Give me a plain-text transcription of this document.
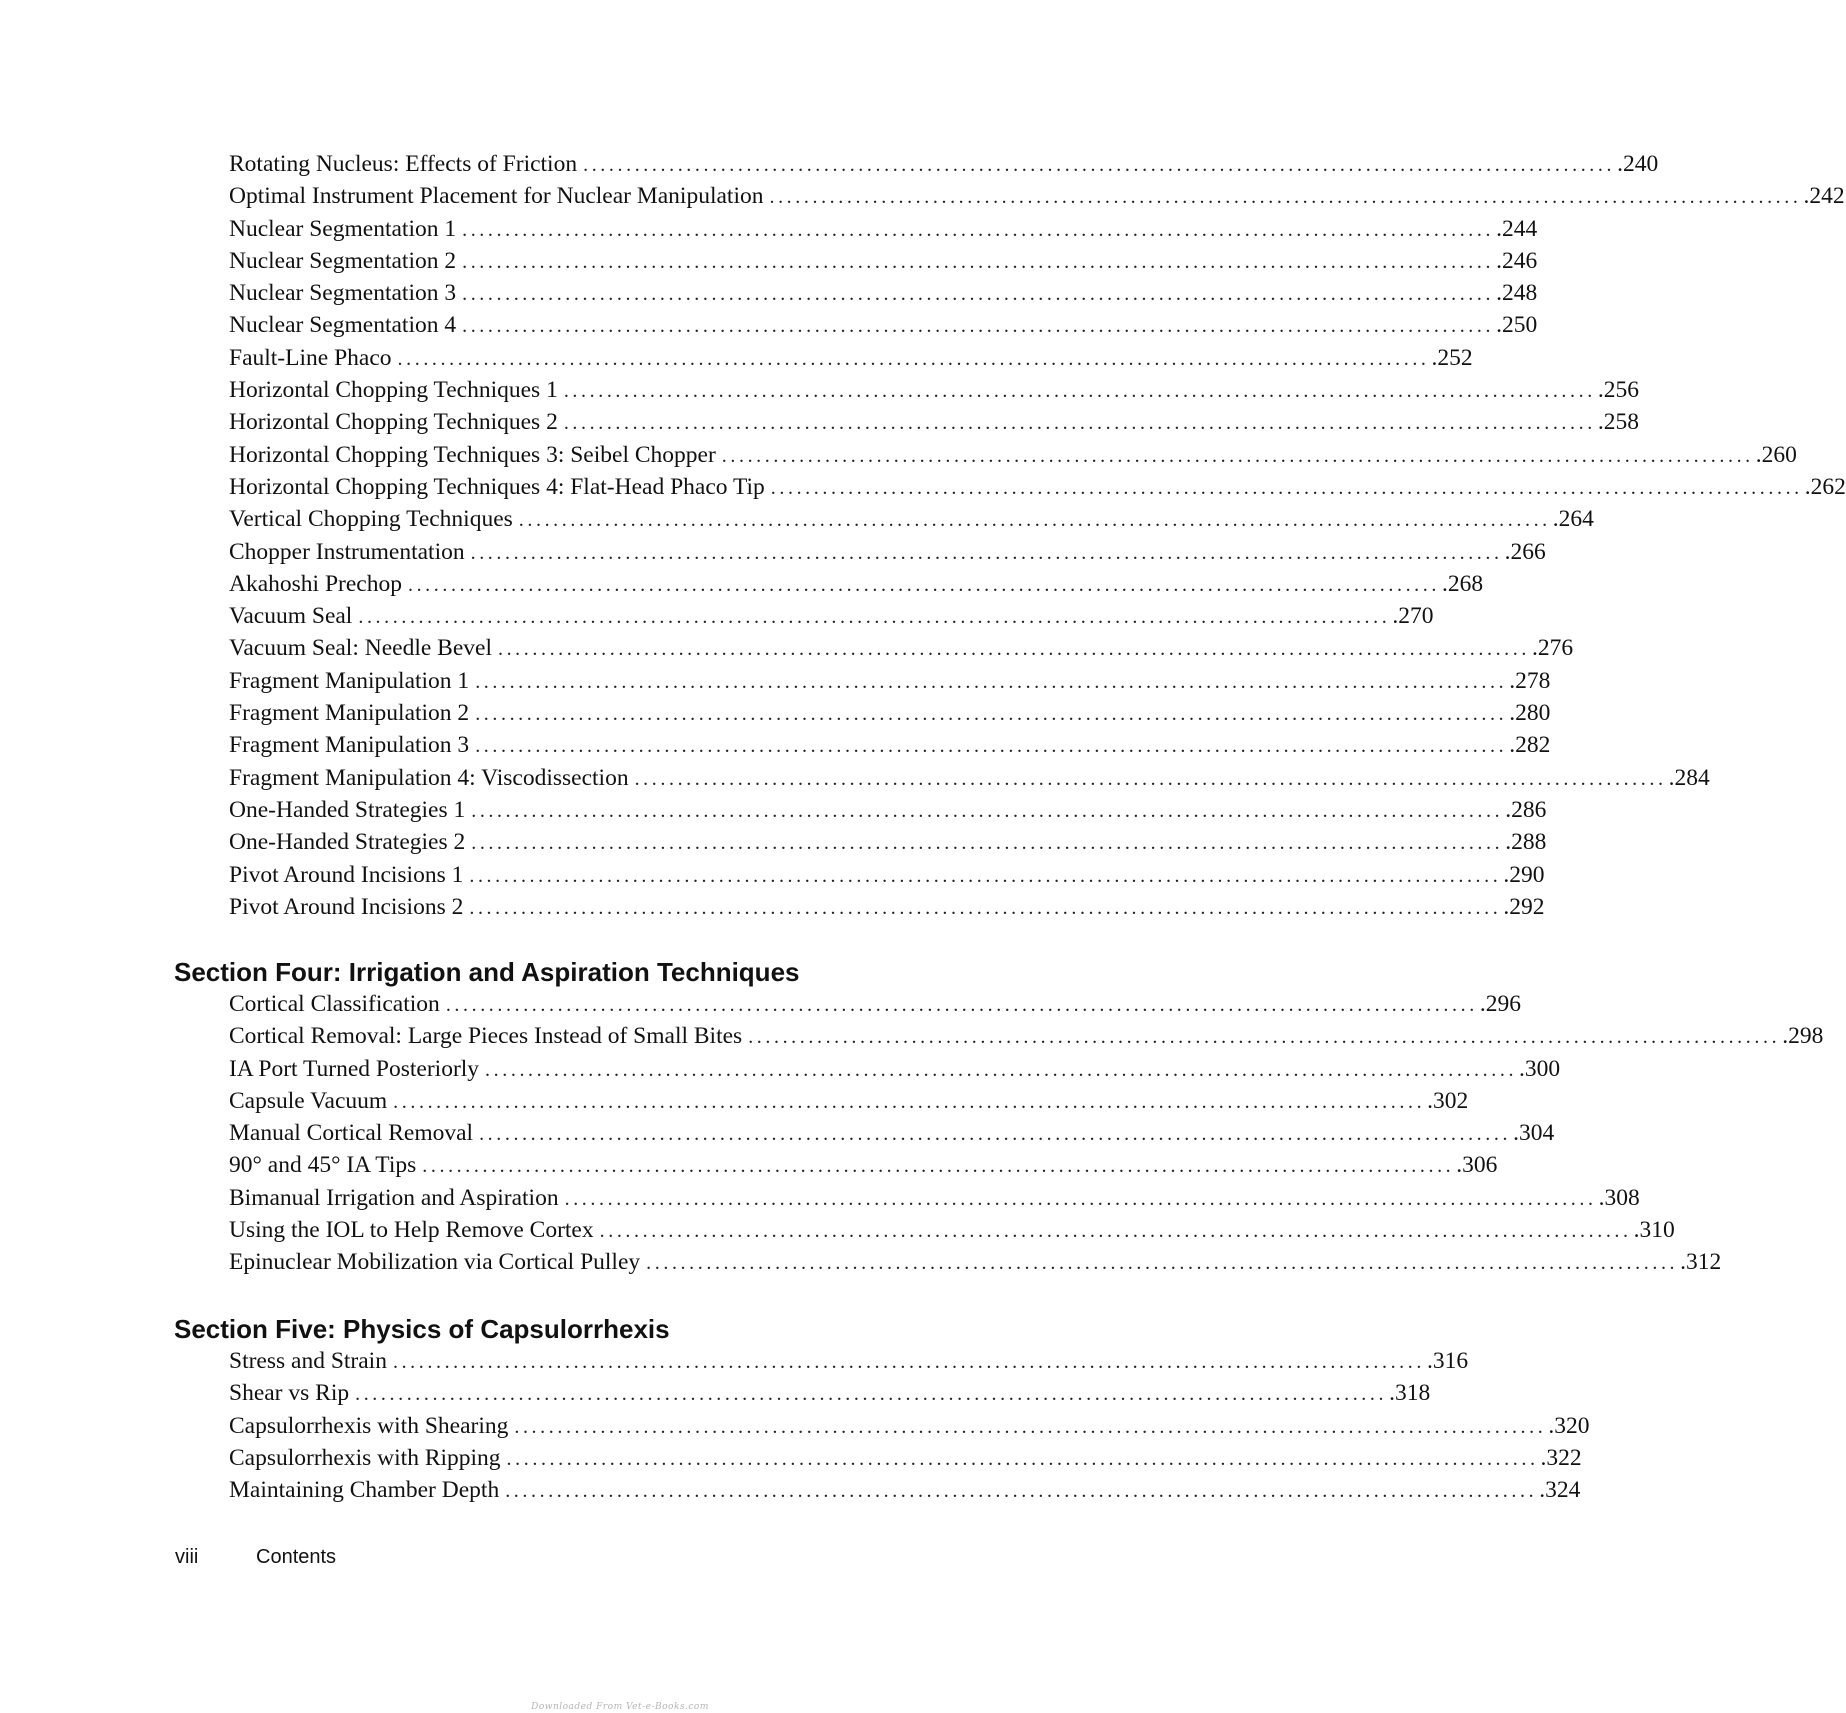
Rotating Nucleus: Effects of Friction ........................................................................................................................ .240
Optimal Instrument Placement for Nuclear Manipulation ........................................................................................................................ .242
Nuclear Segmentation 1 ........................................................................................................................ .244
Nuclear Segmentation 2 ........................................................................................................................ .246
Nuclear Segmentation 3 ........................................................................................................................ .248
Nuclear Segmentation 4 ........................................................................................................................ .250
Fault-Line Phaco ........................................................................................................................ .252
Horizontal Chopping Techniques 1 ........................................................................................................................ .256
Horizontal Chopping Techniques 2 ........................................................................................................................ .258
Horizontal Chopping Techniques 3: Seibel Chopper ........................................................................................................................ .260
Horizontal Chopping Techniques 4: Flat-Head Phaco Tip ........................................................................................................................ .262
Vertical Chopping Techniques ........................................................................................................................ .264
Chopper Instrumentation ........................................................................................................................ .266
Akahoshi Prechop ........................................................................................................................ .268
Vacuum Seal ........................................................................................................................ .270
Vacuum Seal: Needle Bevel ........................................................................................................................ .276
Fragment Manipulation 1 ........................................................................................................................ .278
Fragment Manipulation 2 ........................................................................................................................ .280
Fragment Manipulation 3 ........................................................................................................................ .282
Fragment Manipulation 4: Viscodissection ........................................................................................................................ .284
One-Handed Strategies 1 ........................................................................................................................ .286
One-Handed Strategies 2 ........................................................................................................................ .288
Pivot Around Incisions 1 ........................................................................................................................ .290
Pivot Around Incisions 2 ........................................................................................................................ .292
Section Four: Irrigation and Aspiration Techniques
Cortical Classification ........................................................................................................................ .296
Cortical Removal: Large Pieces Instead of Small Bites ........................................................................................................................ .298
IA Port Turned Posteriorly ........................................................................................................................ .300
Capsule Vacuum ........................................................................................................................ .302
Manual Cortical Removal ........................................................................................................................ .304
90° and 45° IA Tips ........................................................................................................................ .306
Bimanual Irrigation and Aspiration ........................................................................................................................ .308
Using the IOL to Help Remove Cortex ........................................................................................................................ .310
Epinuclear Mobilization via Cortical Pulley ........................................................................................................................ .312
Section Five: Physics of Capsulorrhexis
Stress and Strain ........................................................................................................................ .316
Shear vs Rip ........................................................................................................................ .318
Capsulorrhexis with Shearing ........................................................................................................................ .320
Capsulorrhexis with Ripping ........................................................................................................................ .322
Maintaining Chamber Depth ........................................................................................................................ .324
viii	Contents
Downloaded From Vet-e-Books.com
